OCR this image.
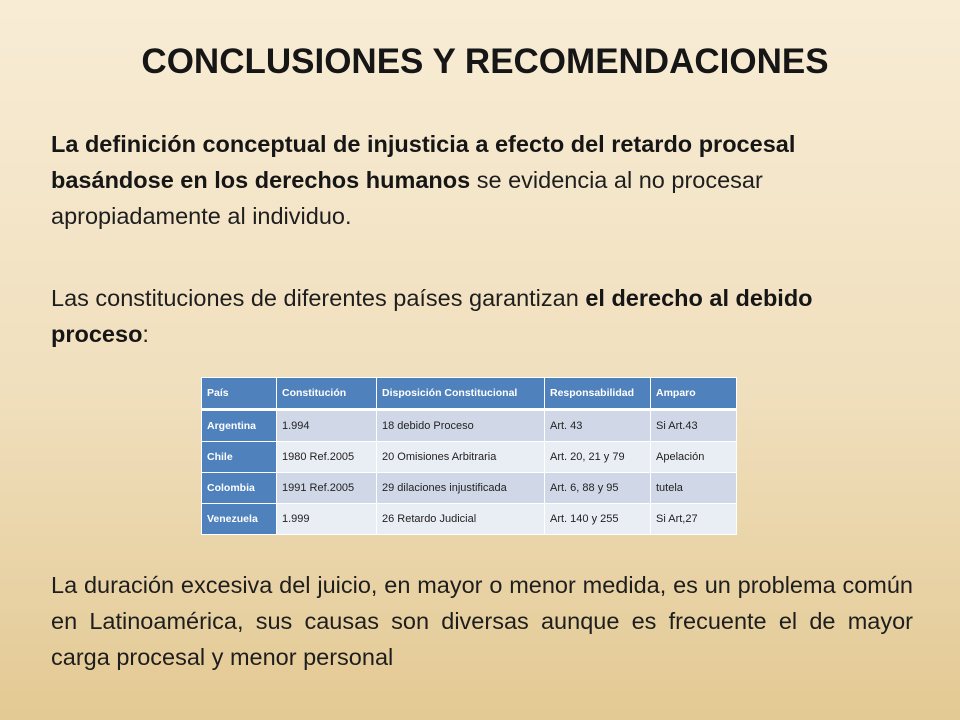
CONCLUSIONES Y RECOMENDACIONES
La definición conceptual de injusticia a efecto del retardo procesal basándose en los derechos humanos se evidencia al no procesar apropiadamente al individuo.
Las constituciones de diferentes países garantizan el derecho al debido proceso:
País	Constitución	Disposición Constitucional	Responsabilidad	Amparo
Argentina	1.994	18 debido Proceso	Art. 43	Si Art.43
Chile	1980 Ref.2005	20 Omisiones Arbitraria	Art. 20, 21 y 79	Apelación
Colombia	1991 Ref.2005	29 dilaciones injustificada	Art. 6, 88 y 95	tutela
Venezuela	1.999	26 Retardo Judicial	Art. 140 y 255	Si Art,27
La duración excesiva del juicio, en mayor o menor medida, es un problema común en Latinoamérica, sus causas son diversas aunque es frecuente el de mayor carga procesal y menor personal
